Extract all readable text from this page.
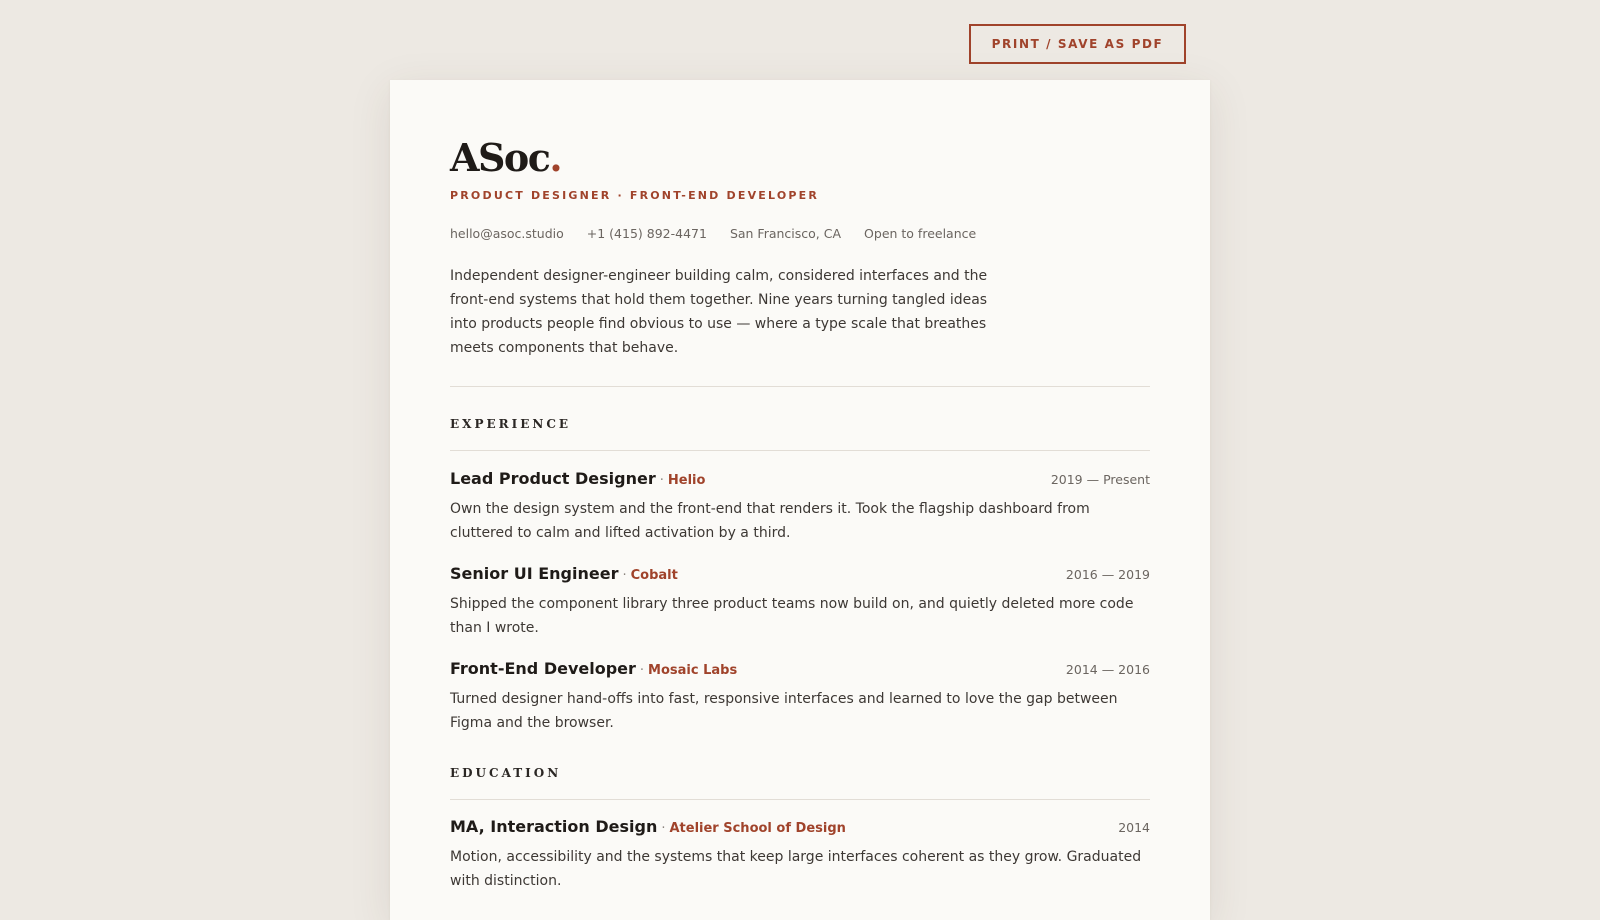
PRINT / SAVE AS PDF
ASoc.
PRODUCT DESIGNER · FRONT-END DEVELOPER
hello@asoc.studio +1 (415) 892-4471 San Francisco, CA Open to freelance

Independent designer-engineer building calm, considered interfaces and the front-end systems that hold them together. Nine years turning tangled ideas into products people find obvious to use — where a type scale that breathes meets components that behave.

EXPERIENCE
Lead Product Designer · Helio	2019 — Present

Own the design system and the front-end that renders it. Took the flagship dashboard from cluttered to calm and lifted activation by a third.

Senior UI Engineer · Cobalt	2016 — 2019

Shipped the component library three product teams now build on, and quietly deleted more code than I wrote.

Front-End Developer · Mosaic Labs	2014 — 2016

Turned designer hand-offs into fast, responsive interfaces and learned to love the gap between Figma and the browser.

EDUCATION
MA, Interaction Design · Atelier School of Design	2014

Motion, accessibility and the systems that keep large interfaces coherent as they grow. Graduated with distinction.
